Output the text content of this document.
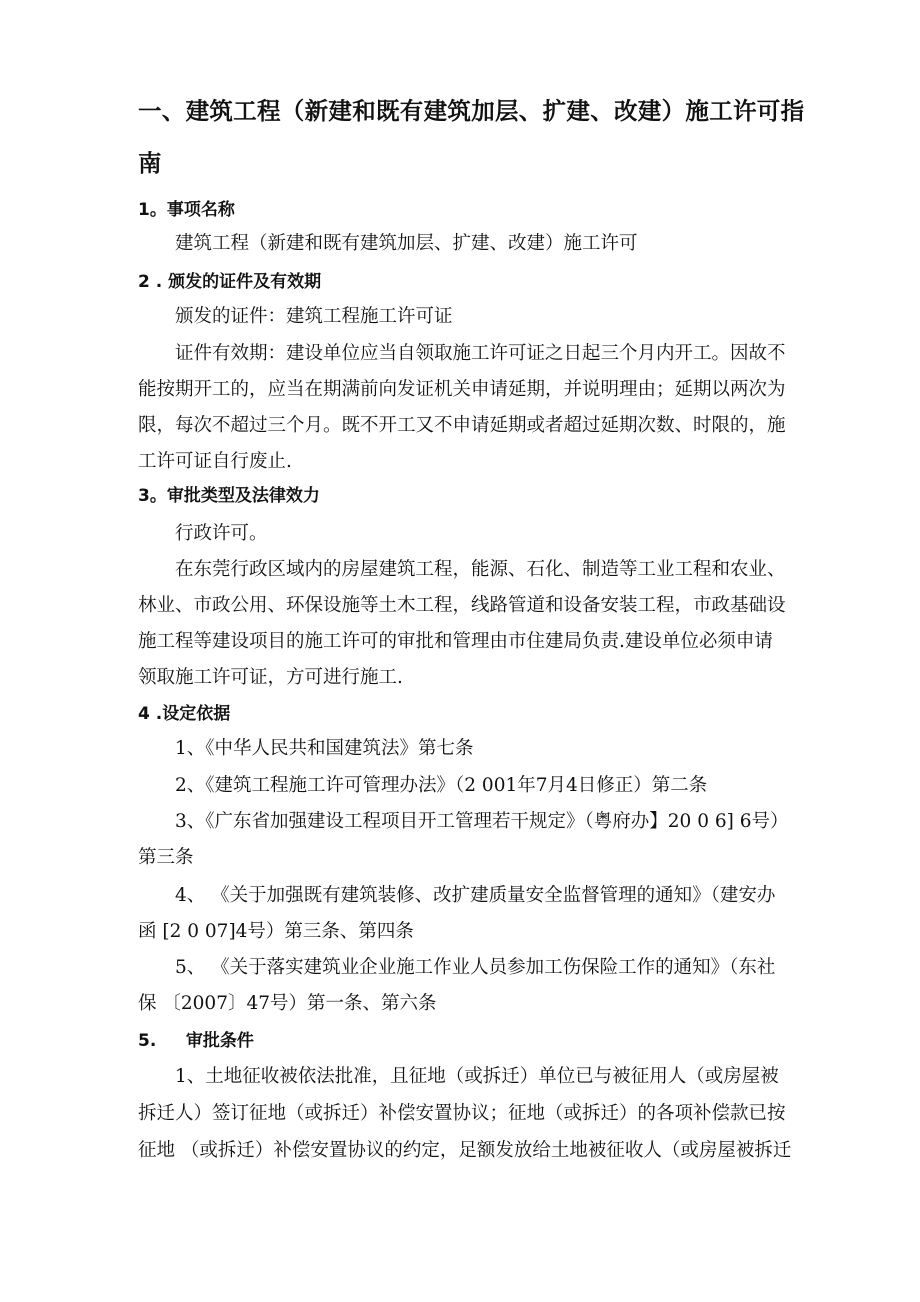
一、建筑工程（新建和既有建筑加层、扩建、改建）施工许可指
南
1。事项名称
建筑工程（新建和既有建筑加层、扩建、改建）施工许可
2 . 颁发的证件及有效期
颁发的证件：建筑工程施工许可证
证件有效期：建设单位应当自领取施工许可证之日起三个月内开工。因故不
能按期开工的，应当在期满前向发证机关申请延期，并说明理由；延期以两次为
限，每次不超过三个月。既不开工又不申请延期或者超过延期次数、时限的，施
工许可证自行废止.
3。审批类型及法律效力
行政许可。
在东莞行政区域内的房屋建筑工程，能源、石化、制造等工业工程和农业、
林业、市政公用、环保设施等土木工程，线路管道和设备安装工程，市政基础设
施工程等建设项目的施工许可的审批和管理由市住建局负责.建设单位必须申请
领取施工许可证，方可进行施工.
4 .设定依据
1、《中华人民共和国建筑法》第七条
2、《建筑工程施工许可管理办法》（2 001年7月4日修正）第二条
3、《广东省加强建设工程项目开工管理若干规定》（粤府办】20 0 6] 6号）
第三条
4、 《关于加强既有建筑装修、改扩建质量安全监督管理的通知》（建安办
函 [2 0 07]4号）第三条、第四条
5、 《关于落实建筑业企业施工作业人员参加工伤保险工作的通知》（东社
保 〔2007〕47号）第一条、第六条
5.     审批条件
1、土地征收被依法批准，且征地（或拆迁）单位已与被征用人（或房屋被
拆迁人）签订征地（或拆迁）补偿安置协议；征地（或拆迁）的各项补偿款已按
征地 （或拆迁）补偿安置协议的约定，足额发放给土地被征收人（或房屋被拆迁
